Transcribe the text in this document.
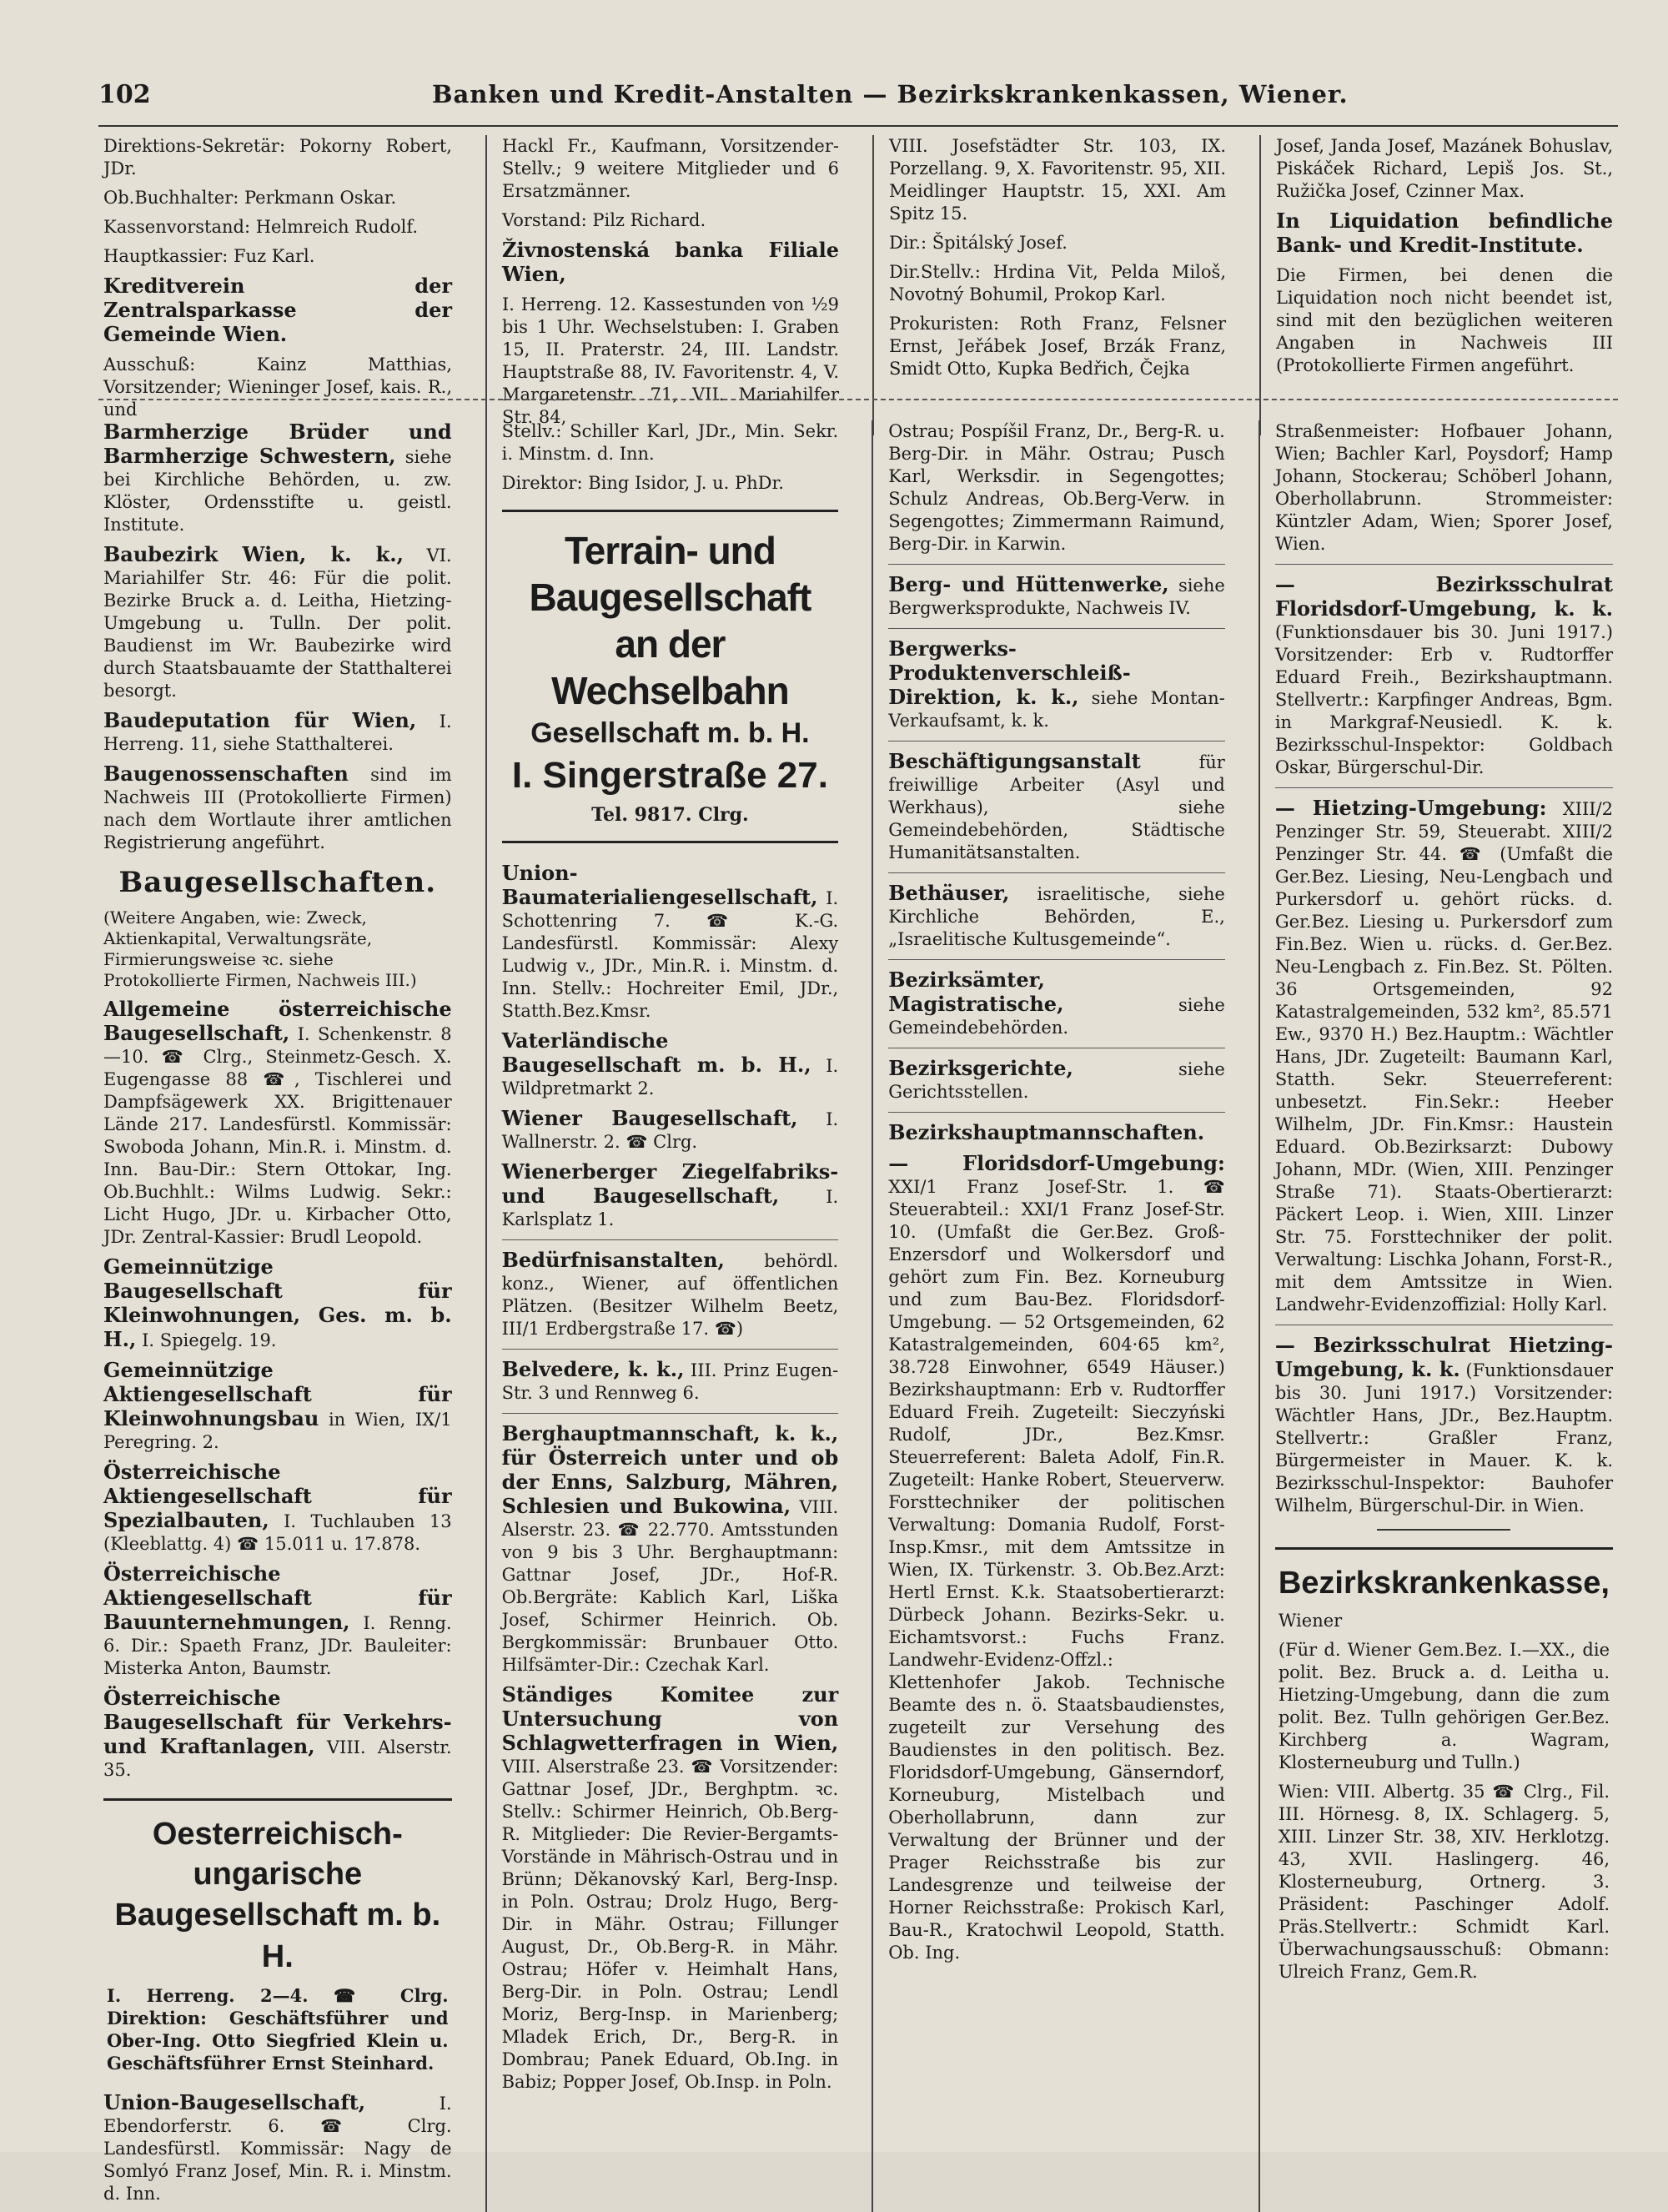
102	Banken und Kredit-Anstalten — Bezirkskrankenkassen, Wiener.

Direktions-Sekretär: Pokorny Robert, JDr.

Ob.Buchhalter: Perkmann Oskar.

Kassenvorstand: Helmreich Rudolf.

Hauptkassier: Fuz Karl.

Kreditverein der Zentralsparkasse der Gemeinde Wien.

Ausschuß: Kainz Matthias, Vorsitzender; Wieninger Josef, kais. R., und

Hackl Fr., Kaufmann, Vorsitzender-Stellv.; 9 weitere Mitglieder und 6 Ersatzmänner.

Vorstand: Pilz Richard.

Živnostenská banka Filiale Wien,

I. Herreng. 12. Kassestunden von ½9 bis 1 Uhr. Wechselstuben: I. Graben 15, II. Praterstr. 24, III. Landstr. Hauptstraße 88, IV. Favoritenstr. 4, V. Margaretenstr. 71, VII. Mariahilfer Str. 84,

VIII. Josefstädter Str. 103, IX. Porzellang. 9, X. Favoritenstr. 95, XII. Meidlinger Hauptstr. 15, XXI. Am Spitz 15.

Dir.: Špitálský Josef.

Dir.Stellv.: Hrdina Vit, Pelda Miloš, Novotný Bohumil, Prokop Karl.

Prokuristen: Roth Franz, Felsner Ernst, Jeřábek Josef, Brzák Franz, Smidt Otto, Kupka Bedřich, Čejka

Josef, Janda Josef, Mazánek Bohuslav, Piskáček Richard, Lepiš Jos. St., Ružička Josef, Czinner Max.

In Liquidation befindliche Bank- und Kredit-Institute.

Die Firmen, bei denen die Liquidation noch nicht beendet ist, sind mit den bezüglichen weiteren Angaben in Nachweis III (Protokollierte Firmen angeführt.

Barmherzige Brüder und Barmherzige Schwestern, siehe bei Kirchliche Behörden, u. zw. Klöster, Ordensstifte u. geistl. Institute.

Baubezirk Wien, k. k., VI. Mariahilfer Str. 46: Für die polit. Bezirke Bruck a. d. Leitha, Hietzing-Umgebung u. Tulln. Der polit. Baudienst im Wr. Baubezirke wird durch Staatsbauamte der Statthalterei besorgt.

Baudeputation für Wien, I. Herreng. 11, siehe Statthalterei.

Baugenossenschaften sind im Nachweis III (Protokollierte Firmen) nach dem Wortlaute ihrer amtlichen Registrierung angeführt.

Baugesellschaften.

(Weitere Angaben, wie: Zweck, Aktienkapital, Verwaltungsräte, Firmierungsweise ꝛc. siehe Protokollierte Firmen, Nachweis III.)

Allgemeine österreichische Baugesellschaft, I. Schenkenstr. 8—10. ☎ Clrg., Steinmetz-Gesch. X. Eugengasse 88 ☎, Tischlerei und Dampfsägewerk XX. Brigittenauer Lände 217. Landesfürstl. Kommissär: Swoboda Johann, Min.R. i. Minstm. d. Inn. Bau-Dir.: Stern Ottokar, Ing. Ob.Buchhlt.: Wilms Ludwig. Sekr.: Licht Hugo, JDr. u. Kirbacher Otto, JDr. Zentral-Kassier: Brudl Leopold.

Gemeinnützige Baugesellschaft für Kleinwohnungen, Ges. m. b. H., I. Spiegelg. 19.

Gemeinnützige Aktiengesellschaft für Kleinwohnungsbau in Wien, IX/1 Peregring. 2.

Österreichische Aktiengesellschaft für Spezialbauten, I. Tuchlauben 13 (Kleeblattg. 4) ☎ 15.011 u. 17.878.

Österreichische Aktiengesellschaft für Bauunternehmungen, I. Renng. 6. Dir.: Spaeth Franz, JDr. Bauleiter: Misterka Anton, Baumstr.

Österreichische Baugesellschaft für Verkehrs- und Kraftanlagen, VIII. Alserstr. 35.

Oesterreichisch-ungarische
Baugesellschaft m. b. H.
I. Herreng. 2—4. ☎ Clrg. Direktion: Geschäftsführer und Ober-Ing. Otto Siegfried Klein u. Geschäftsführer Ernst Steinhard.

Union-Baugesellschaft,	I. Ebendorferstr. 6. ☎ Clrg. Landesfürstl. Kommissär: Nagy de Somlyó Franz Josef, Min. R. i. Minstm. d. Inn.

Stellv.: Schiller Karl, JDr., Min. Sekr. i. Minstm. d. Inn.

Direktor: Bing Isidor, J. u. PhDr.

Terrain- und Baugesellschaft
an der Wechselbahn
Gesellschaft m. b. H.
I. Singerstraße 27.
Tel. 9817. Clrg.

Union-Baumaterialiengesellschaft, I. Schottenring 7. ☎ K.-G. Landesfürstl. Kommissär: Alexy Ludwig v., JDr., Min.R. i. Minstm. d. Inn. Stellv.: Hochreiter Emil, JDr., Statth.Bez.Kmsr.

Vaterländische Baugesellschaft m. b. H., I. Wildpretmarkt 2.

Wiener Baugesellschaft, I. Wallnerstr. 2. ☎ Clrg.

Wienerberger Ziegelfabriks- und Baugesellschaft,	I. Karlsplatz 1.

Bedürfnisanstalten, behördl. konz., Wiener, auf öffentlichen Plätzen. (Besitzer Wilhelm Beetz, III/1 Erdbergstraße 17. ☎)

Belvedere, k. k., III. Prinz Eugen-Str. 3 und Rennweg 6.

Berghauptmannschaft, k. k., für Österreich unter und ob der Enns, Salzburg, Mähren, Schlesien und Bukowina, VIII. Alserstr. 23. ☎ 22.770. Amtsstunden von 9 bis 3 Uhr. Berghauptmann: Gattnar Josef, JDr., Hof-R. Ob.Bergräte: Kablich Karl, Liška Josef, Schirmer Heinrich. Ob. Bergkommissär: Brunbauer Otto. Hilfsämter-Dir.: Czechak Karl.

Ständiges Komitee zur Untersuchung von Schlagwetterfragen in Wien, VIII. Alserstraße 23. ☎ Vorsitzender: Gattnar Josef, JDr., Berghptm. ꝛc. Stellv.: Schirmer Heinrich, Ob.Berg-R. Mitglieder: Die Revier-Bergamts-Vorstände in Mährisch-Ostrau und in Brünn; Děkanovský Karl, Berg-Insp. in Poln. Ostrau; Drolz Hugo, Berg-Dir. in Mähr. Ostrau; Fillunger August, Dr., Ob.Berg-R. in Mähr. Ostrau; Höfer v. Heimhalt Hans, Berg-Dir. in Poln. Ostrau; Lendl Moriz, Berg-Insp. in Marienberg; Mladek Erich, Dr., Berg-R. in Dombrau; Panek Eduard, Ob.Ing. in Babiz; Popper Josef, Ob.Insp. in Poln.

Ostrau; Pospíšil Franz, Dr., Berg-R. u. Berg-Dir. in Mähr. Ostrau; Pusch Karl, Werksdir. in Segengottes; Schulz Andreas, Ob.Berg-Verw. in Segengottes; Zimmermann Raimund, Berg-Dir. in Karwin.

Berg- und Hüttenwerke, siehe Bergwerksprodukte, Nachweis IV.

Bergwerks-Produktenverschleiß-Direktion, k. k., siehe Montan-Verkaufsamt, k. k.

Beschäftigungsanstalt	für freiwillige Arbeiter (Asyl und Werkhaus), siehe Gemeindebehörden, Städtische Humanitätsanstalten.

Bethäuser, israelitische, siehe Kirchliche Behörden, E., „Israelitische Kultusgemeinde“.

Bezirksämter, Magistratische,	siehe Gemeindebehörden.

Bezirksgerichte,	siehe Gerichtsstellen.

Bezirkshauptmannschaften.

— Floridsdorf-Umgebung: XXI/1 Franz Josef-Str. 1. ☎ Steuerabteil.: XXI/1 Franz Josef-Str. 10. (Umfaßt die Ger.Bez. Groß-Enzersdorf und Wolkersdorf und gehört zum Fin. Bez. Korneuburg und zum Bau-Bez. Floridsdorf-Umgebung. — 52 Ortsgemeinden, 62 Katastralgemeinden, 604·65 km², 38.728 Einwohner, 6549 Häuser.) Bezirkshauptmann: Erb v. Rudtorffer Eduard Freih. Zugeteilt: Sieczyński Rudolf, JDr., Bez.Kmsr. Steuerreferent: Baleta Adolf, Fin.R. Zugeteilt: Hanke Robert, Steuerverw. Forsttechniker der politischen Verwaltung: Domania Rudolf, Forst-Insp.Kmsr., mit dem Amtssitze in Wien, IX. Türkenstr. 3. Ob.Bez.Arzt: Hertl Ernst. K.k. Staatsobertierarzt: Dürbeck Johann. Bezirks-Sekr. u. Eichamtsvorst.: Fuchs Franz. Landwehr-Evidenz-Offzl.: Klettenhofer Jakob. Technische Beamte des n. ö. Staatsbaudienstes, zugeteilt zur Versehung des Baudienstes in den politisch. Bez. Floridsdorf-Umgebung, Gänserndorf, Korneuburg, Mistelbach und Oberhollabrunn, dann zur Verwaltung der Brünner und der Prager Reichsstraße bis zur Landesgrenze und teilweise der Horner Reichsstraße: Prokisch Karl, Bau-R., Kratochwil Leopold, Statth. Ob. Ing.

Straßenmeister: Hofbauer Johann, Wien; Bachler Karl, Poysdorf; Hamp Johann, Stockerau; Schöberl Johann, Oberhollabrunn. Strommeister: Küntzler Adam, Wien; Sporer Josef, Wien.

— Bezirksschulrat Floridsdorf-Umgebung, k. k. (Funktionsdauer bis 30. Juni 1917.) Vorsitzender: Erb v. Rudtorffer Eduard Freih., Bezirkshauptmann. Stellvertr.: Karpfinger Andreas, Bgm. in Markgraf-Neusiedl. K. k. Bezirksschul-Inspektor: Goldbach Oskar, Bürgerschul-Dir.

— Hietzing-Umgebung: XIII/2 Penzinger Str. 59, Steuerabt. XIII/2 Penzinger Str. 44. ☎ (Umfaßt die Ger.Bez. Liesing, Neu-Lengbach und Purkersdorf u. gehört rücks. d. Ger.Bez. Liesing u. Purkersdorf zum Fin.Bez. Wien u. rücks. d. Ger.Bez. Neu-Lengbach z. Fin.Bez. St. Pölten. 36 Ortsgemeinden, 92 Katastralgemeinden, 532 km², 85.571 Ew., 9370 H.) Bez.Hauptm.: Wächtler Hans, JDr. Zugeteilt: Baumann Karl, Statth. Sekr. Steuerreferent: unbesetzt. Fin.Sekr.: Heeber Wilhelm, JDr. Fin.Kmsr.: Haustein Eduard. Ob.Bezirksarzt: Dubowy Johann, MDr. (Wien, XIII. Penzinger Straße 71). Staats-Obertierarzt: Päckert Leop. i. Wien, XIII. Linzer Str. 75. Forsttechniker der polit. Verwaltung: Lischka Johann, Forst-R., mit dem Amtssitze in Wien. Landwehr-Evidenzoffizial: Holly Karl.

— Bezirksschulrat Hietzing-Umgebung, k. k. (Funktionsdauer bis 30. Juni 1917.) Vorsitzender: Wächtler Hans, JDr., Bez.Hauptm. Stellvertr.: Graßler Franz, Bürgermeister in Mauer. K. k. Bezirksschul-Inspektor: Bauhofer Wilhelm, Bürgerschul-Dir. in Wien.

Bezirkskrankenkasse,
Wiener
(Für d. Wiener Gem.Bez. I.—XX., die polit. Bez. Bruck a. d. Leitha u. Hietzing-Umgebung, dann die zum polit. Bez. Tulln gehörigen Ger.Bez. Kirchberg a. Wagram, Klosterneuburg und Tulln.)
Wien: VIII. Albertg. 35 ☎ Clrg., Fil. III. Hörnesg. 8, IX. Schlagerg. 5, XIII. Linzer Str. 38, XIV. Herklotzg. 43, XVII. Haslingerg. 46, Klosterneuburg, Ortnerg. 3. Präsident: Paschinger Adolf. Präs.Stellvertr.: Schmidt Karl. Überwachungsausschuß: Obmann: Ulreich Franz, Gem.R.
